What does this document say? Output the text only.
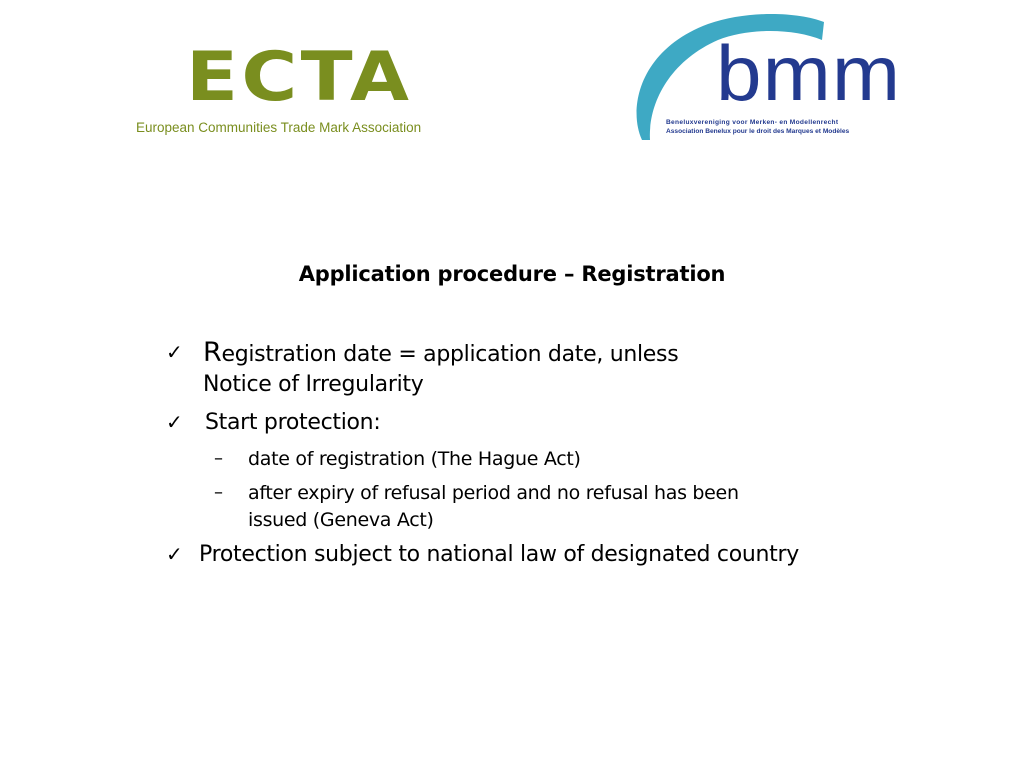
ECTA
European Communities Trade Mark Association
bmm
Beneluxvereniging voor Merken- en Modellenrecht
Association Benelux pour le droit des Marques et Modèles
Application procedure – Registration
✓ Registration date = application date, unless
Notice of Irregularity
✓ Start protection:
– date of registration (The Hague Act)
– after expiry of refusal period and no refusal has been
issued (Geneva Act)
✓ Protection subject to national law of designated country
